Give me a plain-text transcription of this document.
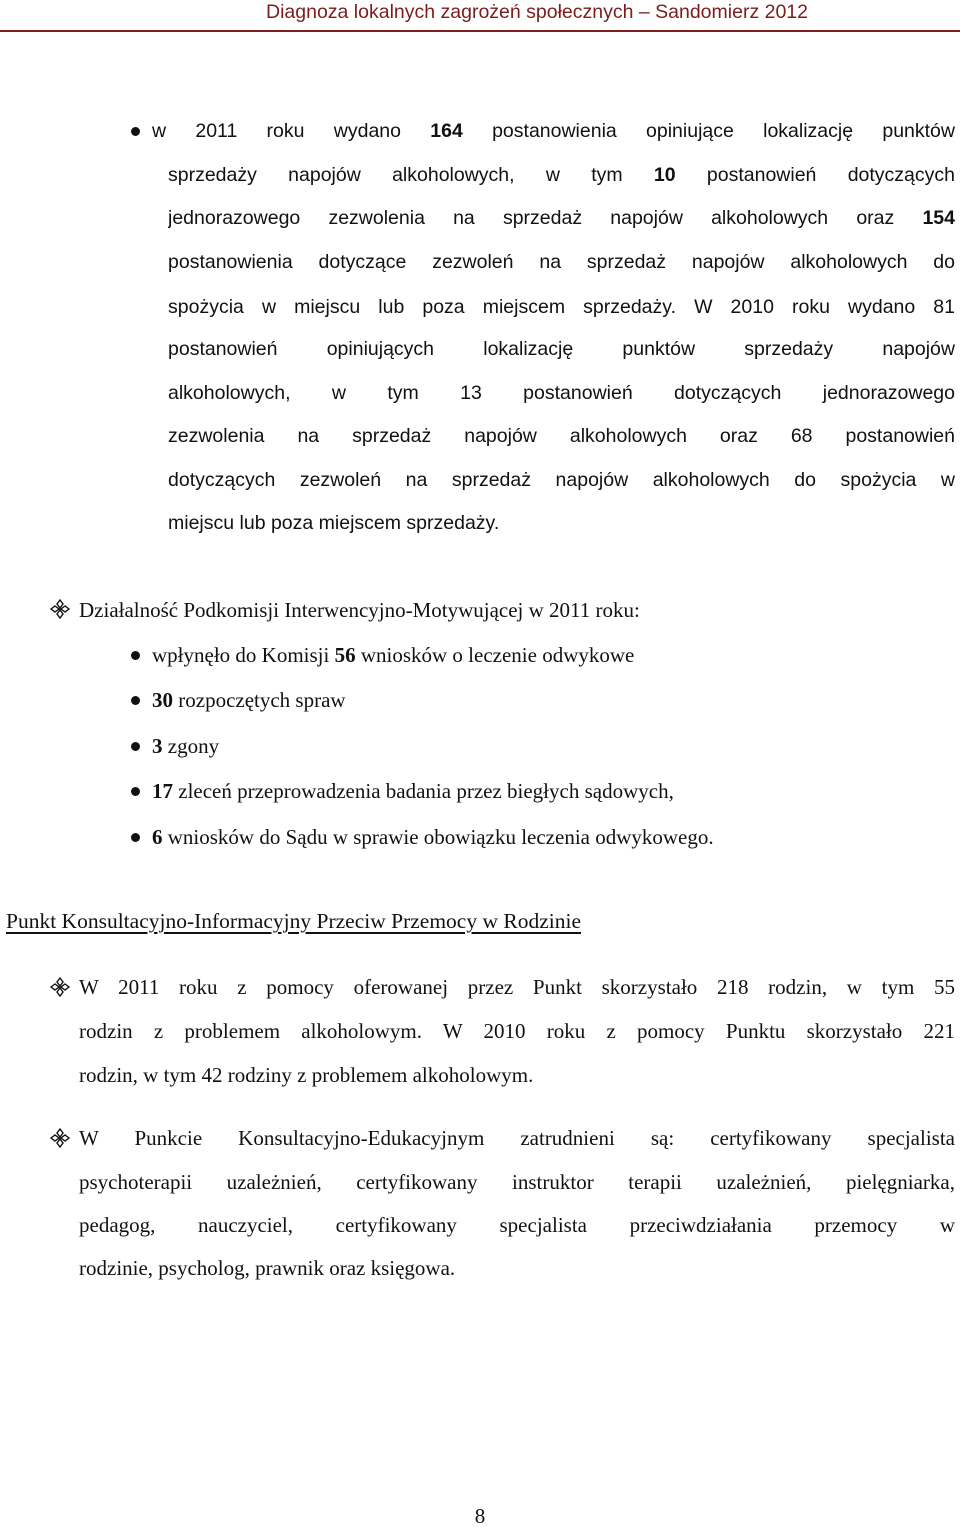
Diagnoza lokalnych zagrożeń społecznych – Sandomierz 2012
w 2011 roku wydano 164 postanowienia opiniujące lokalizację punktów
sprzedaży napojów alkoholowych, w tym 10 postanowień dotyczących
jednorazowego zezwolenia na sprzedaż napojów alkoholowych oraz 154
postanowienia dotyczące zezwoleń na sprzedaż napojów alkoholowych do
spożycia w miejscu lub poza miejscem sprzedaży. W 2010 roku wydano 81
postanowień opiniujących lokalizację punktów sprzedaży napojów
alkoholowych, w tym 13 postanowień dotyczących jednorazowego
zezwolenia na sprzedaż napojów alkoholowych oraz 68 postanowień
dotyczących zezwoleń na sprzedaż napojów alkoholowych do spożycia w
miejscu lub poza miejscem sprzedaży.
Działalność Podkomisji Interwencyjno-Motywującej w 2011 roku:
wpłynęło do Komisji 56 wniosków o leczenie odwykowe
30 rozpoczętych spraw
3 zgony
17 zleceń przeprowadzenia badania przez biegłych sądowych,
6 wniosków do Sądu w sprawie obowiązku leczenia odwykowego.
Punkt Konsultacyjno-Informacyjny Przeciw Przemocy w Rodzinie
W 2011 roku z pomocy oferowanej przez Punkt skorzystało 218 rodzin, w tym 55
rodzin z problemem alkoholowym. W 2010 roku z pomocy Punktu skorzystało 221
rodzin, w tym 42 rodziny z problemem alkoholowym.
W Punkcie Konsultacyjno-Edukacyjnym zatrudnieni są: certyfikowany specjalista
psychoterapii uzależnień, certyfikowany instruktor terapii uzależnień, pielęgniarka,
pedagog, nauczyciel, certyfikowany specjalista przeciwdziałania przemocy w
rodzinie, psycholog, prawnik oraz księgowa.
8
